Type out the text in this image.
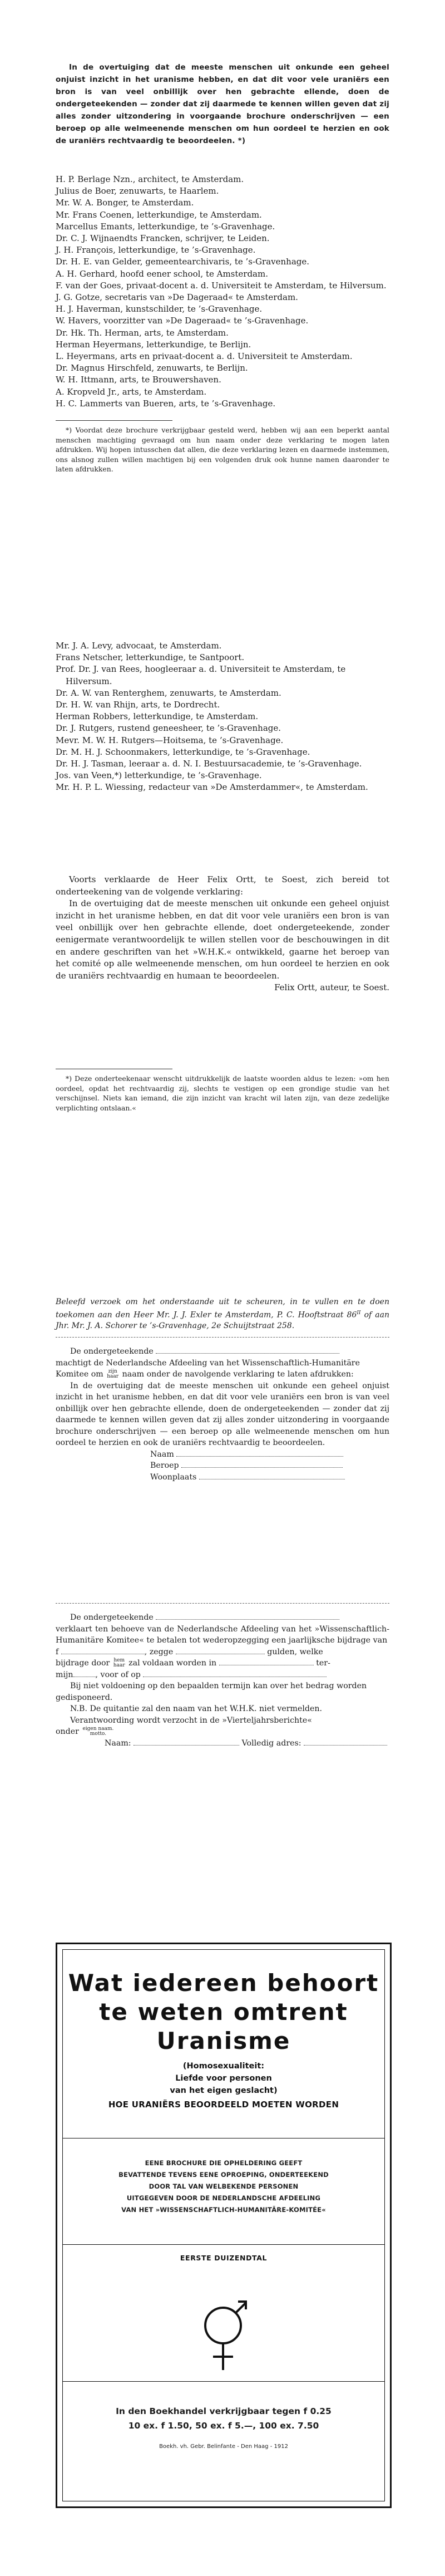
In de overtuiging dat de meeste menschen uit onkunde een geheel onjuist inzicht in het uranisme hebben, en dat dit voor vele uraniërs een bron is van veel onbillijk over hen gebrachte ellende, doen de ondergeteekenden — zonder dat zij daarmede te kennen willen geven dat zij alles zonder uitzondering in voorgaande brochure onderschrijven — een beroep op alle welmeenende menschen om hun oordeel te herzien en ook de uraniërs rechtvaardig te beoordeelen. *)

H. P. Berlage Nzn., architect, te Amsterdam.

Julius de Boer, zenuwarts, te Haarlem.

Mr. W. A. Bonger, te Amsterdam.

Mr. Frans Coenen, letterkundige, te Amsterdam.

Marcellus Emants, letterkundige, te ’s-Gravenhage.

Dr. C. J. Wijnaendts Francken, schrijver, te Leiden.

J. H. François, letterkundige, te ’s-Gravenhage.

Dr. H. E. van Gelder, gemeentearchivaris, te ’s-Gravenhage.

A. H. Gerhard, hoofd eener school, te Amsterdam.

F. van der Goes, privaat-docent a. d. Universiteit te Amsterdam, te Hilversum.

J. G. Gotze, secretaris van »De Dageraad« te Amsterdam.

H. J. Haverman, kunstschilder, te ’s-Gravenhage.

W. Havers, voorzitter van »De Dageraad« te ’s-Gravenhage.

Dr. Hk. Th. Herman, arts, te Amsterdam.

Herman Heyermans, letterkundige, te Berlijn.

L. Heyermans, arts en privaat-docent a. d. Universiteit te Amsterdam.

Dr. Magnus Hirschfeld, zenuwarts, te Berlijn.

W. H. Ittmann, arts, te Brouwershaven.

A. Kropveld Jr., arts, te Amsterdam.

H. C. Lammerts van Bueren, arts, te ’s-Gravenhage.

*) Voordat deze brochure verkrijgbaar gesteld werd, hebben wij aan een beperkt aantal menschen machtiging gevraagd om hun naam onder deze verklaring te mogen laten afdrukken. Wij hopen intusschen dat allen, die deze verklaring lezen en daarmede instemmen, ons alsnog zullen willen machtigen bij een volgenden druk ook hunne namen daaronder te laten afdrukken.

Mr. J. A. Levy, advocaat, te Amsterdam.

Frans Netscher, letterkundige, te Santpoort.

Prof. Dr. J. van Rees, hoogleeraar a. d. Universiteit te Amsterdam, te Hilversum.

Dr. A. W. van Renterghem, zenuwarts, te Amsterdam.

Dr. H. W. van Rhijn, arts, te Dordrecht.

Herman Robbers, letterkundige, te Amsterdam.

Dr. J. Rutgers, rustend geneesheer, te ’s-Gravenhage.

Mevr. M. W. H. Rutgers—Hoitsema, te ’s-Gravenhage.

Dr. M. H. J. Schoonmakers, letterkundige, te ’s-Gravenhage.

Dr. H. J. Tasman, leeraar a. d. N. I. Bestuursacademie, te ’s-Gravenhage.

Jos. van Veen,*) letterkundige, te ’s-Gravenhage.

Mr. H. P. L. Wiessing, redacteur van »De Amsterdammer«, te Amsterdam.

Voorts verklaarde de Heer Felix Ortt, te Soest, zich bereid tot onderteekening van de volgende verklaring:

In de overtuiging dat de meeste menschen uit onkunde een geheel onjuist inzicht in het uranisme hebben, en dat dit voor vele uraniërs een bron is van veel onbillijk over hen gebrachte ellende, doet ondergeteekende, zonder eenigermate verantwoordelijk te willen stellen voor de beschouwingen in dit en andere geschriften van het »W.H.K.« ontwikkeld, gaarne het beroep van het comité op alle welmeenende menschen, om hun oordeel te herzien en ook de uraniërs rechtvaardig en humaan te beoordeelen.

Felix Ortt, auteur, te Soest.

*) Deze onderteekenaar wenscht uitdrukkelijk de laatste woorden aldus te lezen: »om hen oordeel, opdat het rechtvaardig zij, slechts te vestigen op een grondige studie van het verschijnsel. Niets kan iemand, die zijn inzicht van kracht wil laten zijn, van deze zedelijke verplichting ontslaan.«

Beleefd verzoek om het onderstaande uit te scheuren, in te vullen en te doen toekomen aan den Heer Mr. J. J. Exler te Amsterdam, P. C. Hooftstraat $86^{II}$ of aan Jhr. Mr. J. A. Schorer te ’s-Gravenhage, 2e Schuijtstraat 258.

De ondergeteekende

machtigt de Nederlandsche Afdeeling van het Wissenschaftlich-Humanitäre Komitee om zijn
haar naam onder de navolgende verklaring te laten afdrukken:

In de overtuiging dat de meeste menschen uit onkunde een geheel onjuist inzicht in het uranisme hebben, en dat dit voor vele uraniërs een bron is van veel onbillijk over hen gebrachte ellende, doen de ondergeteekenden — zonder dat zij daarmede te kennen willen geven dat zij alles zonder uitzondering in voorgaande brochure onderschrijven — een beroep op alle welmeenende menschen om hun oordeel te herzien en ook de uraniërs rechtvaardig te beoordeelen.

Naam

Beroep

Woonplaats

De ondergeteekende

verklaart ten behoeve van de Nederlandsche Afdeeling van het »Wissenschaftlich-Humanitäre Komitee« te betalen tot wederopzegging een jaarlijksche bijdrage van

f	, zegge	gulden, welke

bijdrage door hem
haar zal voldaan worden in	ter-

mijn	, voor of op

Bij niet voldoening op den bepaalden termijn kan over het bedrag worden gedisponeerd.

N.B. De quitantie zal den naam van het W.H.K. niet vermelden.

Verantwoording wordt verzocht in de »Vierteljahrsberichte«

onder eigen naam.
motto.

Naam:	Volledig adres:

Wat iedereen behoort
te weten omtrent
Uranisme
(Homosexualiteit:
Liefde voor personen
van het eigen geslacht)
HOE URANIËRS BEOORDEELD MOETEN WORDEN

EENE BROCHURE DIE OPHELDERING GEEFT

BEVATTENDE TEVENS EENE OPROEPING, ONDERTEEKEND

DOOR TAL VAN WELBEKENDE PERSONEN

UITGEGEVEN DOOR DE NEDERLANDSCHE AFDEELING

VAN HET »WISSENSCHAFTLICH-HUMANITÄRE-KOMITÉE«

EERSTE DUIZENDTAL

In den Boekhandel verkrijgbaar tegen f 0.25

10 ex. f 1.50, 50 ex. f 5.—, 100 ex. 7.50

Boekh. vh. Gebr. Belinfante - Den Haag - 1912
